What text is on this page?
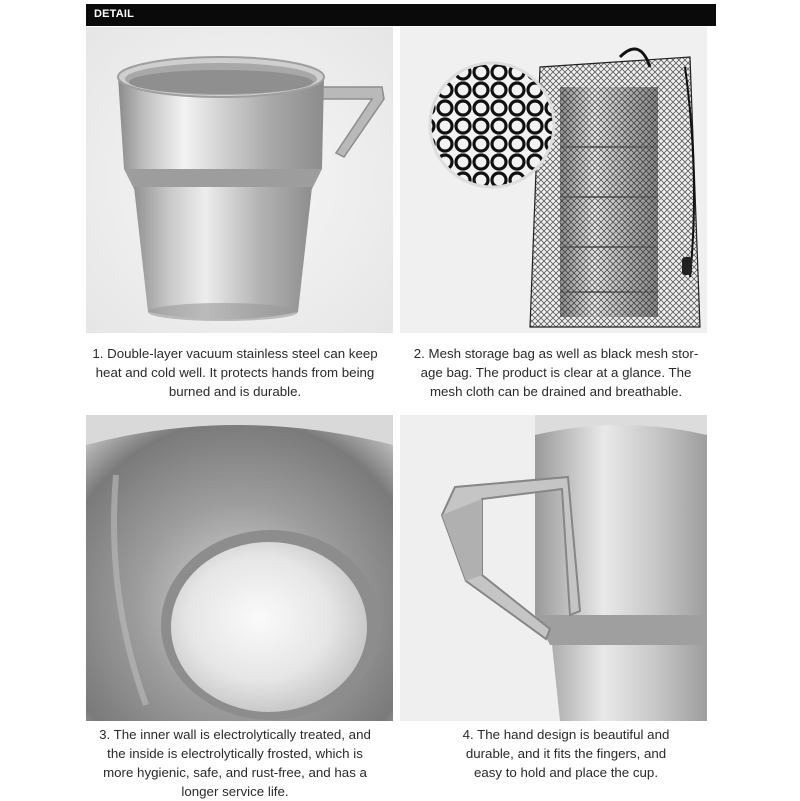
DETAIL

1. Double-layer vacuum stainless steel can keep
heat and cold well. It protects hands from being
burned and is durable.

2. Mesh storage bag as well as black mesh stor-
age bag. The product is clear at a glance. The
mesh cloth can be drained and breathable.

3. The inner wall is electrolytically treated, and
the inside is electrolytically frosted, which is
more hygienic, safe, and rust-free, and has a
longer service life.

4. The hand design is beautiful and
durable, and it fits the fingers, and
easy to hold and place the cup.
